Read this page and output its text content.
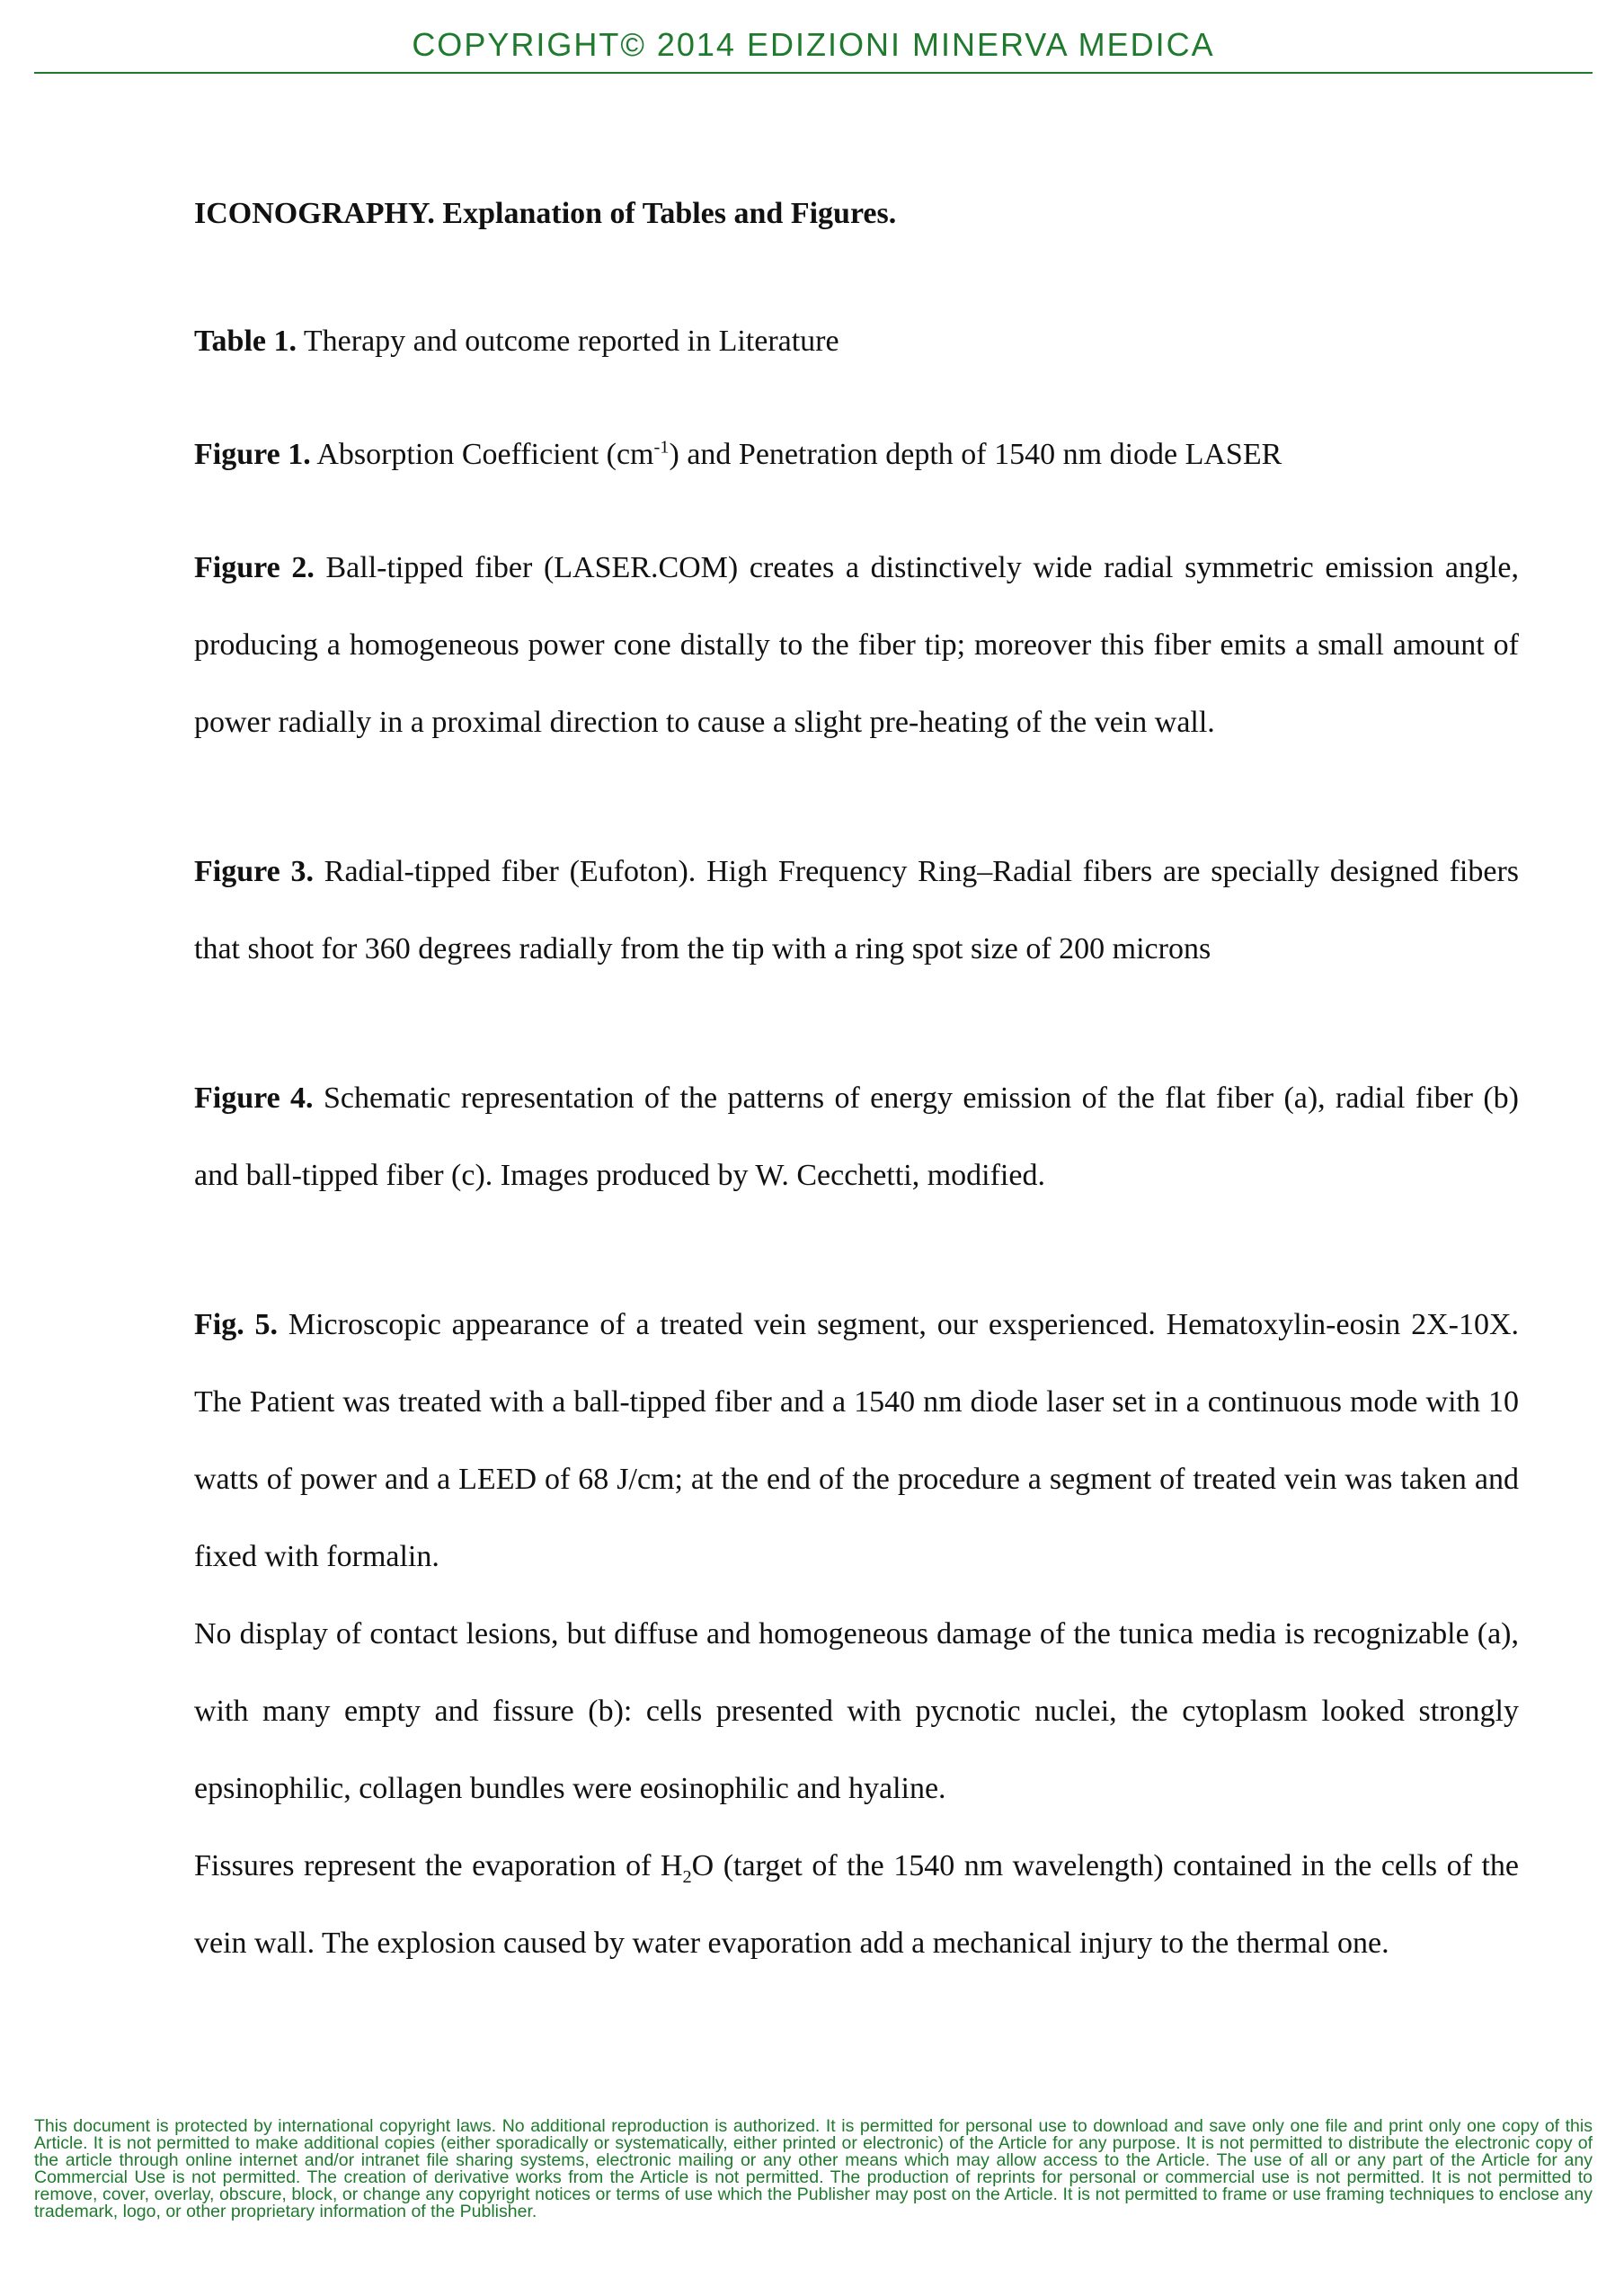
COPYRIGHT© 2014 EDIZIONI MINERVA MEDICA
ICONOGRAPHY. Explanation of Tables and Figures.

Table 1. Therapy and outcome reported in Literature

Figure 1. Absorption Coefficient $(cm^{-1})$ and Penetration depth of 1540 nm diode LASER

Figure 2. Ball-tipped fiber (LASER.COM) creates a distinctively wide radial symmetric emission angle, producing a homogeneous power cone distally to the fiber tip; moreover this fiber emits a small amount of power radially in a proximal direction to cause a slight pre-heating of the vein wall.

Figure 3. Radial-tipped fiber (Eufoton). High Frequency Ring–Radial fibers are specially designed fibers that shoot for 360 degrees radially from the tip with a ring spot size of 200 microns

Figure 4. Schematic representation of the patterns of energy emission of the flat fiber (a), radial fiber (b) and ball-tipped fiber (c). Images produced by W. Cecchetti, modified.

Fig. 5. Microscopic appearance of a treated vein segment, our exsperienced. Hematoxylin-eosin 2X-10X. The Patient was treated with a ball-tipped fiber and a 1540 nm diode laser set in a continuous mode with 10 watts of power and a LEED of 68 J/cm; at the end of the procedure a segment of treated vein was taken and fixed with formalin.

No display of contact lesions, but diffuse and homogeneous damage of the tunica media is recognizable (a), with many empty and fissure (b): cells presented with pycnotic nuclei, the cytoplasm looked strongly epsinophilic, collagen bundles were eosinophilic and hyaline.

Fissures represent the evaporation of $H_2O$ (target of the 1540 nm wavelength) contained in the cells of the vein wall. The explosion caused by water evaporation add a mechanical injury to the thermal one.

This document is protected by international copyright laws. No additional reproduction is authorized. It is permitted for personal use to download and save only one file and print only one copy of this Article. It is not permitted to make additional copies (either sporadically or systematically, either printed or electronic) of the Article for any purpose. It is not permitted to distribute the electronic copy of the article through online internet and/or intranet file sharing systems, electronic mailing or any other means which may allow access to the Article. The use of all or any part of the Article for any Commercial Use is not permitted. The creation of derivative works from the Article is not permitted. The production of reprints for personal or commercial use is not permitted. It is not permitted to remove, cover, overlay, obscure, block, or change any copyright notices or terms of use which the Publisher may post on the Article. It is not permitted to frame or use framing techniques to enclose any trademark, logo, or other proprietary information of the Publisher.
